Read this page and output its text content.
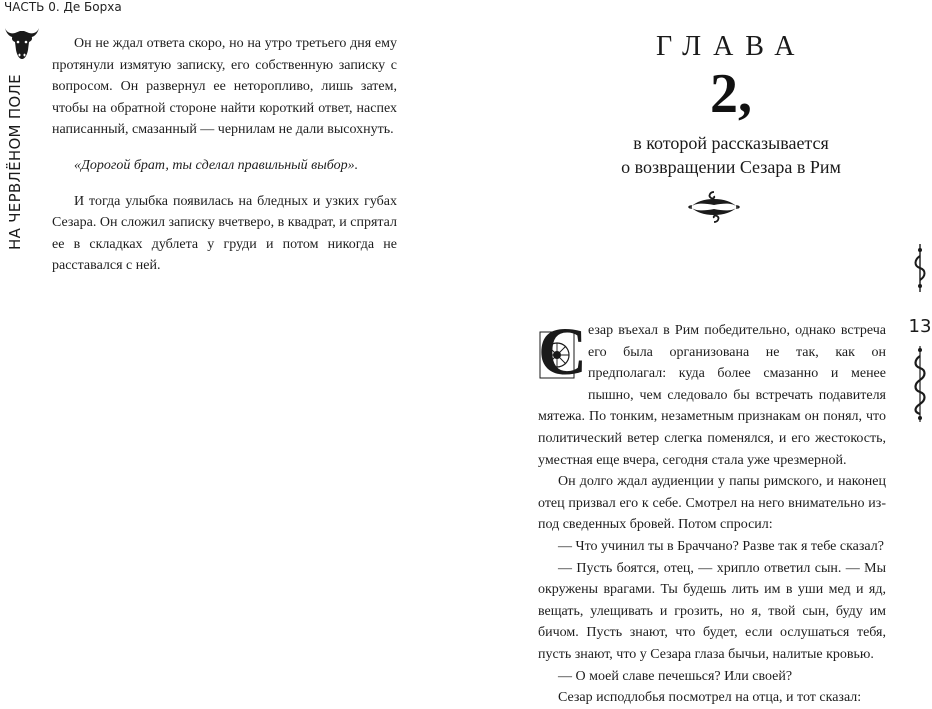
ЧАСТЬ 0. Де Борха
НА ЧЕРВЛЁНОМ ПОЛЕ

Он не ждал ответа скоро, но на утро третьего дня ему протянули измятую записку, его собственную записку с вопросом. Он развернул ее неторопливо, лишь затем, чтобы на обратной стороне найти короткий ответ, наспех написанный, смазанный — чернилам не дали высохнуть.

«Дорогой брат, ты сделал правильный выбор».

И тогда улыбка появилась на бледных и узких губах Сезара. Он сложил записку вчетверо, в квадрат, и спрятал ее в складках дублета у груди и потом никогда не расставался с ней.

ГЛАВА
2,
в которой рассказывается
о возвращении Сезара в Рим
13
С езар въехал в Рим победительно, однако встреча его была организована не так, как он предполагал: куда более смазанно и менее пышно, чем следовало бы встречать подавителя мятежа. По тонким, незаметным признакам он понял, что политический ветер слегка поменялся, и его жестокость, уместная еще вчера, сегодня стала уже чрезмерной.

Он долго ждал аудиенции у папы римского, и наконец отец призвал его к себе. Смотрел на него внимательно из-под сведенных бровей. Потом спросил:

— Что учинил ты в Браччано? Разве так я тебе сказал?

— Пусть боятся, отец, — хрипло ответил сын. — Мы окружены врагами. Ты будешь лить им в уши мед и яд, вещать, улещивать и грозить, но я, твой сын, буду им бичом. Пусть знают, что будет, если ослушаться тебя, пусть знают, что у Сезара глаза бычьи, налитые кровью.

— О моей славе печешься? Или своей?

Сезар исподлобья посмотрел на отца, и тот сказал:
